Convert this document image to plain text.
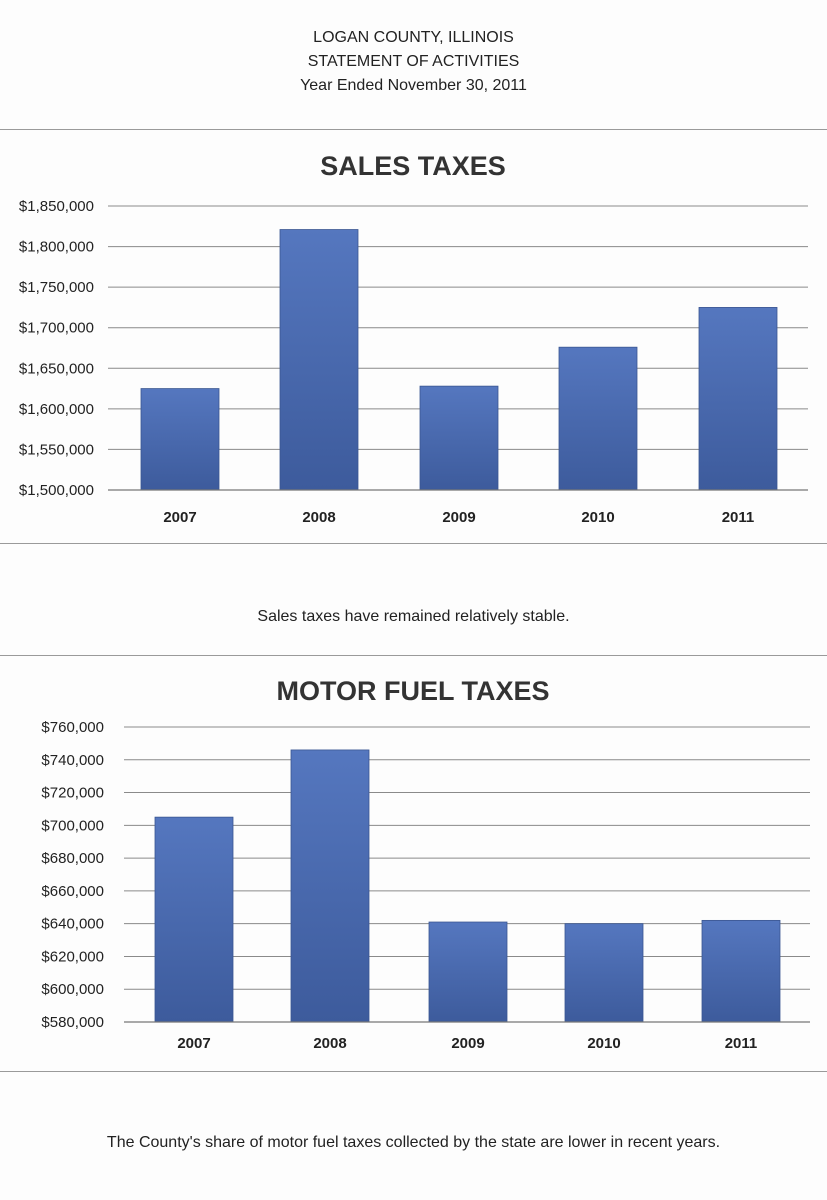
LOGAN COUNTY, ILLINOIS
STATEMENT OF ACTIVITIES
Year Ended November 30, 2011
SALES TAXES
$1,500,000
$1,550,000
$1,600,000
$1,650,000
$1,700,000
$1,750,000
$1,800,000
$1,850,000
2007	2008	2009	2010	2011
Sales taxes have remained relatively stable.
MOTOR FUEL TAXES
$580,000
$600,000
$620,000
$640,000
$660,000
$680,000
$700,000
$720,000
$740,000
$760,000
2007	2008	2009	2010	2011
The County's share of motor fuel taxes collected by the state are lower in recent years.
